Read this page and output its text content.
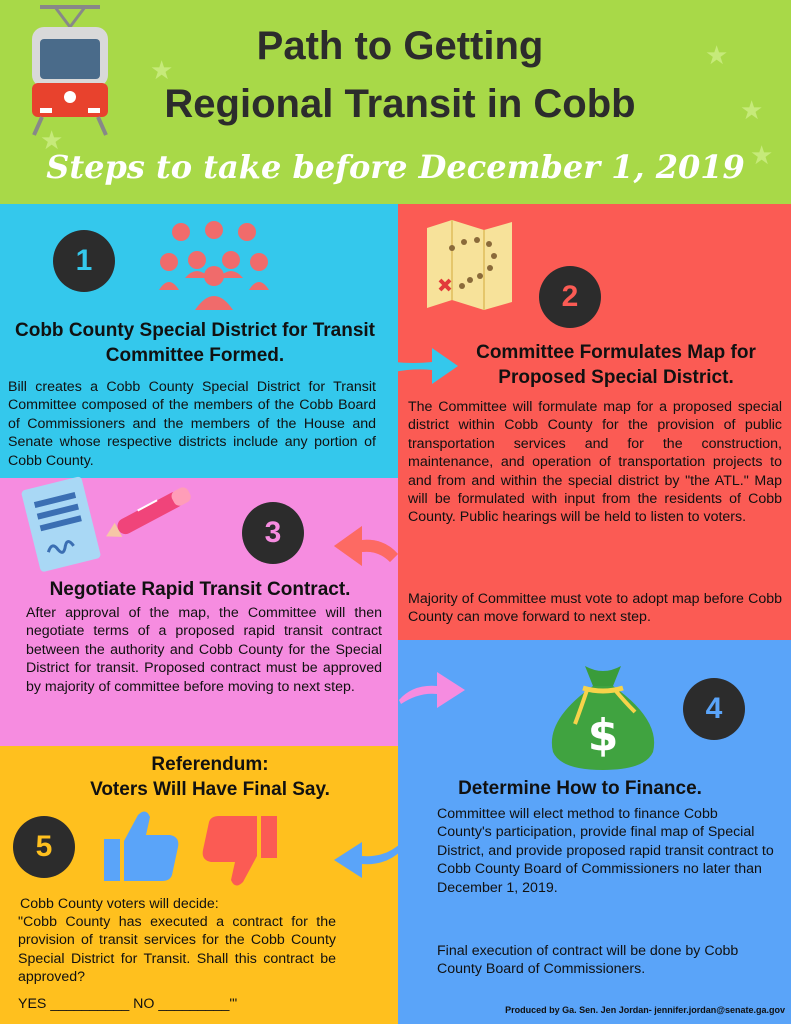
★	★
★
★
★
Path to Getting
Regional Transit in Cobb
Steps to take before December 1, 2019
1
Cobb County Special District for Transit Committee Formed.
Bill creates a Cobb County Special District for Transit Committee composed of the members of the Cobb Board of Commissioners and the members of the House and Senate whose respective districts include any portion of Cobb County.
2
Committee Formulates Map for Proposed Special District.
The Committee will formulate map for a proposed special district within Cobb County for the provision of public transportation services and for the construction, maintenance, and operation of transportation projects to and from and within the special district by "the ATL." Map will be formulated with input from the residents of Cobb County. Public hearings will be held to listen to voters.
Majority of Committee must vote to adopt map before Cobb County can move forward to next step.
3
Negotiate Rapid Transit Contract.
After approval of the map, the Committee will then negotiate terms of a proposed rapid transit contract between the authority and Cobb County for the Special District for transit. Proposed contract must be approved by majority of committee before moving to next step.
$
4
Determine How to Finance.
Committee will elect method to finance Cobb County's participation, provide final map of Special District, and provide proposed rapid transit contract to Cobb County Board of Commissioners no later than December 1, 2019.
Final execution of contract will be done by Cobb County Board of Commissioners.
Referendum:
Voters Will Have Final Say.
5
Cobb County voters will decide:
"Cobb County has executed a contract for the provision of transit services for the Cobb County Special District for Transit. Shall this contract be approved?
YES __________ NO _________'"	Produced by Ga. Sen. Jen Jordan- jennifer.jordan@senate.ga.gov
